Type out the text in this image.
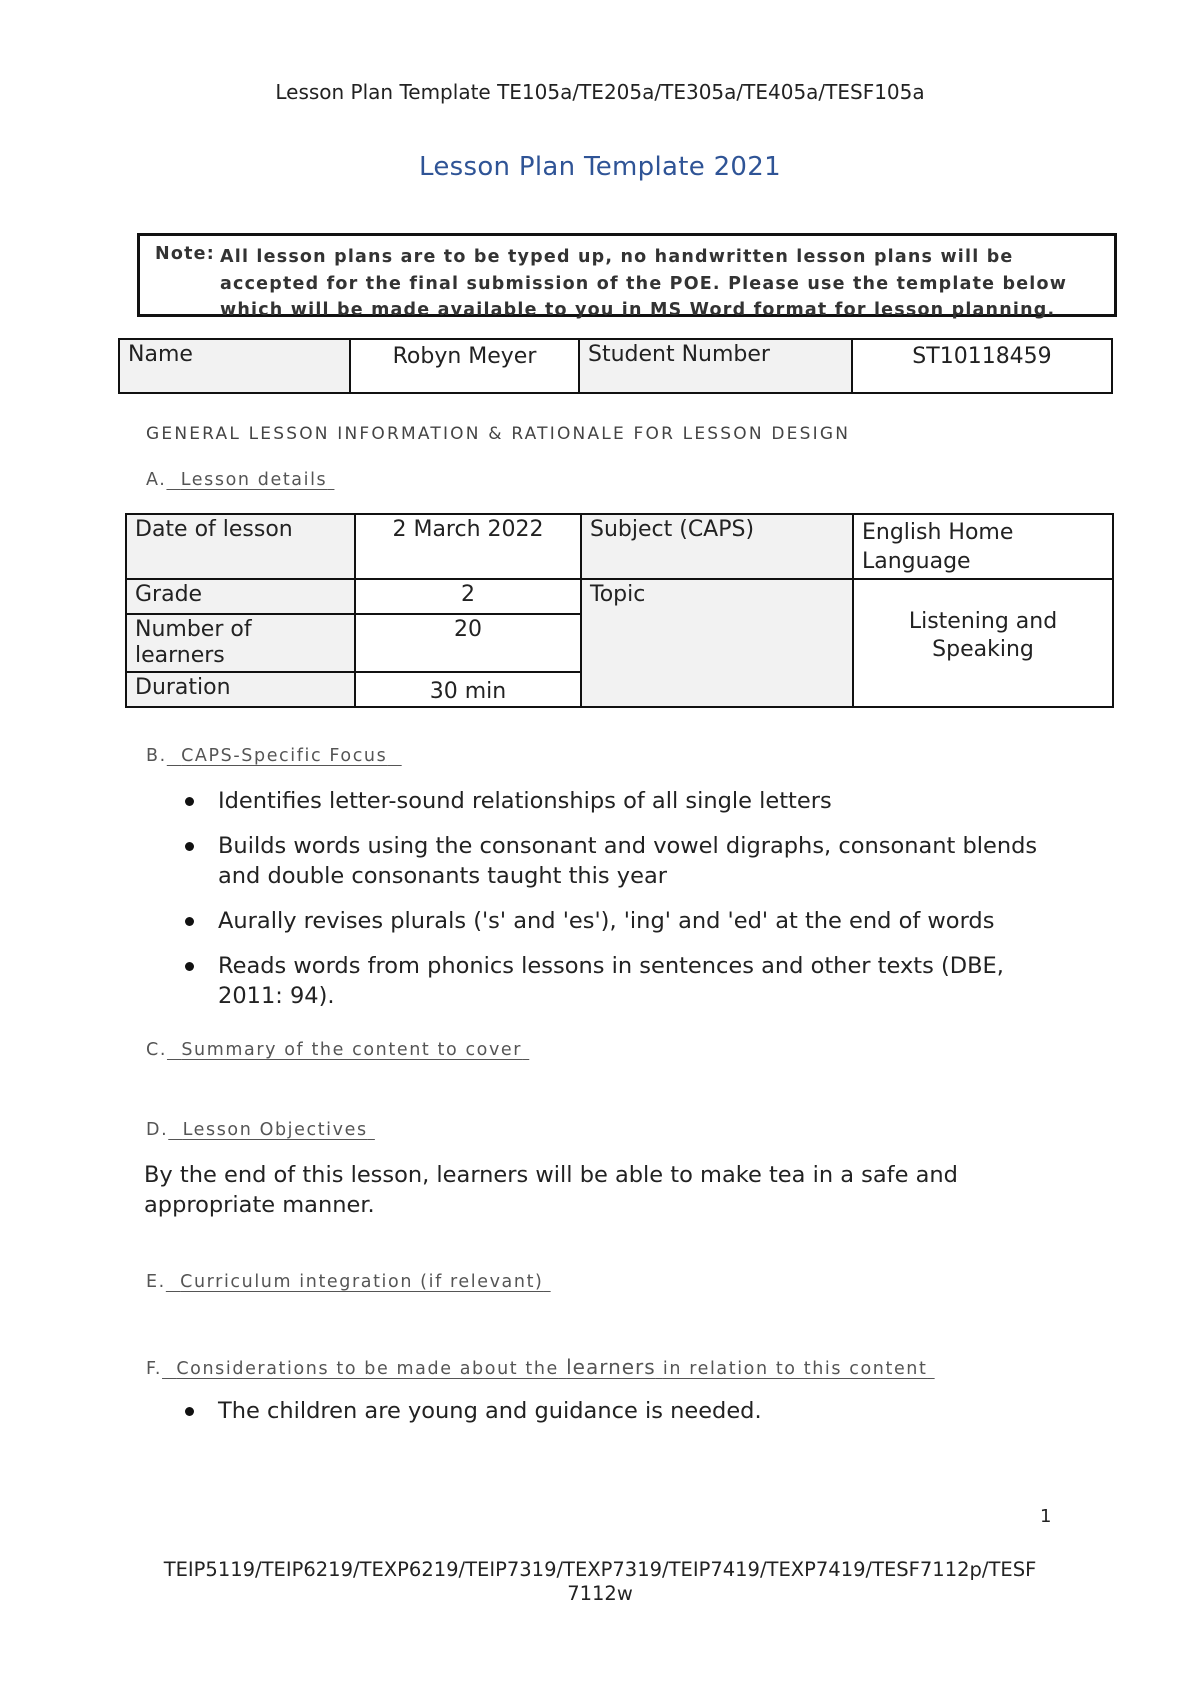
Lesson Plan Template TE105a/TE205a/TE305a/TE405a/TESF105a
Lesson Plan Template 2021
Note: All lesson plans are to be typed up, no handwritten lesson plans will be accepted for the final submission of the POE. Please use the template below which will be made available to you in MS Word format for lesson planning.
Name	Robyn Meyer	Student Number	ST10118459
GENERAL LESSON INFORMATION & RATIONALE FOR LESSON DESIGN
A. Lesson details
Date of lesson	2 March 2022	Subject (CAPS)	English Home Language
Grade	2	Topic	Listening and Speaking
Number of learners	20		
Duration	30 min		
B. CAPS-Specific Focus
Identifies letter-sound relationships of all single letters
Builds words using the consonant and vowel digraphs, consonant blends and double consonants taught this year
Aurally revises plurals ('s' and 'es'), 'ing' and 'ed' at the end of words
Reads words from phonics lessons in sentences and other texts (DBE, 2011: 94).
C. Summary of the content to cover
D. Lesson Objectives
By the end of this lesson, learners will be able to make tea in a safe and appropriate manner.
E. Curriculum integration (if relevant)
F. Considerations to be made about the learners in relation to this content
The children are young and guidance is needed.
1
TEIP5119/TEIP6219/TEXP6219/TEIP7319/TEXP7319/TEIP7419/TEXP7419/TESF7112p/TESF
7112w
